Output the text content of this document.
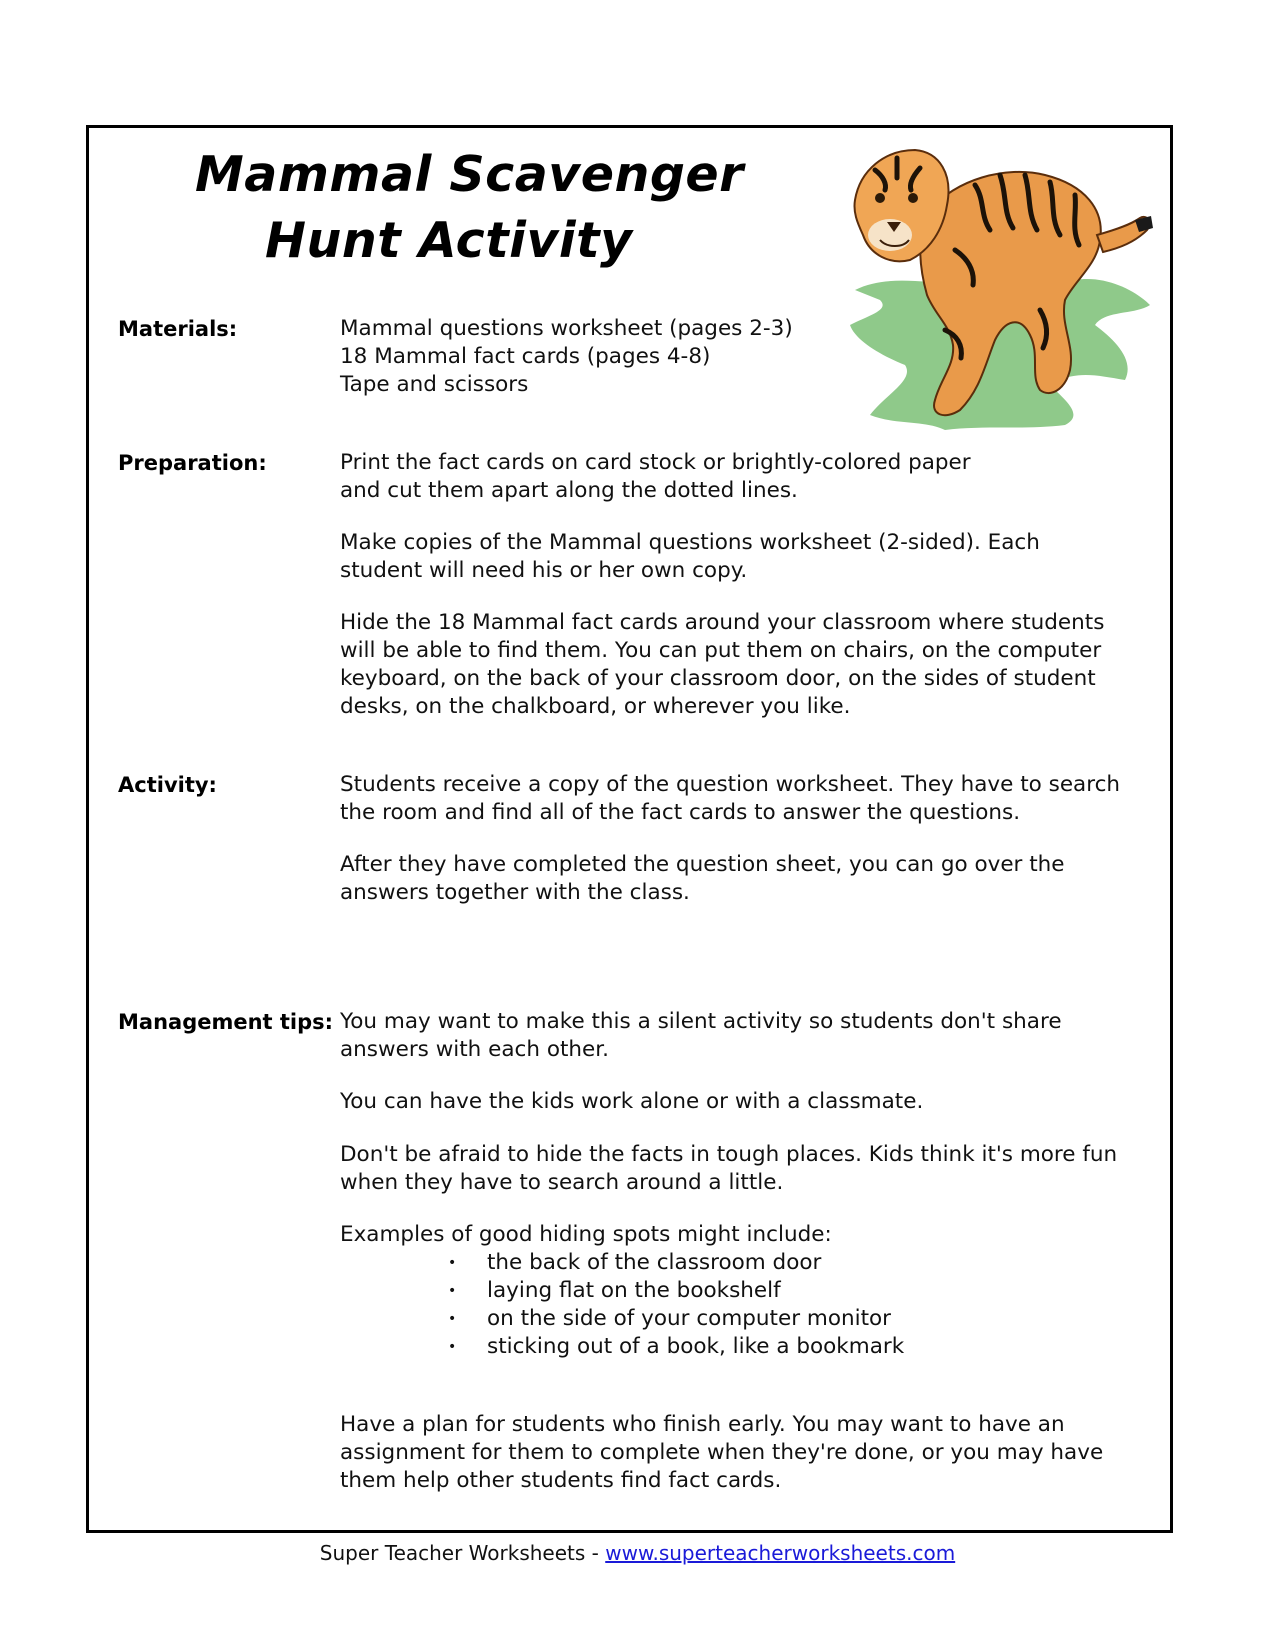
Mammal Scavenger
Hunt Activity
Materials:	Mammal questions worksheet (pages 2-3)
18 Mammal fact cards (pages 4-8)
Tape and scissors
Preparation:	Print the fact cards on card stock or brightly-colored paper
and cut them apart along the dotted lines.
Make copies of the Mammal questions worksheet (2-sided). Each
student will need his or her own copy.
Hide the 18 Mammal fact cards around your classroom where students
will be able to find them. You can put them on chairs, on the computer
keyboard, on the back of your classroom door, on the sides of student
desks, on the chalkboard, or wherever you like.
Activity:	Students receive a copy of the question worksheet. They have to search
the room and find all of the fact cards to answer the questions.
After they have completed the question sheet, you can go over the
answers together with the class.
Management tips: You may want to make this a silent activity so students don't share
answers with each other.
You can have the kids work alone or with a classmate.
Don't be afraid to hide the facts in tough places. Kids think it's more fun
when they have to search around a little.
Examples of good hiding spots might include:
• the back of the classroom door
• laying flat on the bookshelf
• on the side of your computer monitor
• sticking out of a book, like a bookmark
Have a plan for students who finish early. You may want to have an
assignment for them to complete when they're done, or you may have
them help other students find fact cards.
Super Teacher Worksheets - www.superteacherworksheets.com
